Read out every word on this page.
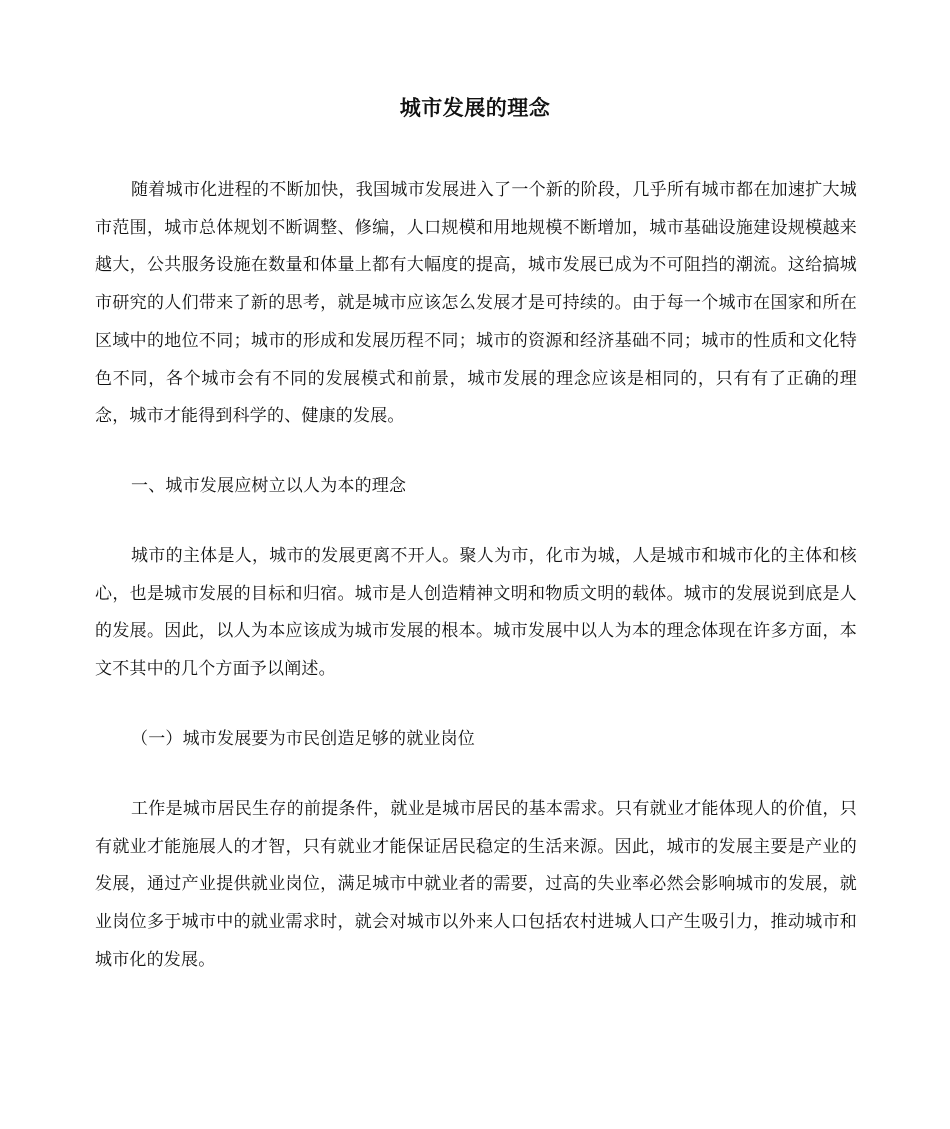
城市发展的理念

随着城市化进程的不断加快，我国城市发展进入了一个新的阶段，几乎所有城市都在加速扩大城市范围，城市总体规划不断调整、修编，人口规模和用地规模不断增加，城市基础设施建设规模越来越大，公共服务设施在数量和体量上都有大幅度的提高，城市发展已成为不可阻挡的潮流。这给搞城市研究的人们带来了新的思考，就是城市应该怎么发展才是可持续的。由于每一个城市在国家和所在区域中的地位不同；城市的形成和发展历程不同；城市的资源和经济基础不同；城市的性质和文化特色不同，各个城市会有不同的发展模式和前景，城市发展的理念应该是相同的，只有有了正确的理念，城市才能得到科学的、健康的发展。

一、城市发展应树立以人为本的理念

城市的主体是人，城市的发展更离不开人。聚人为市，化市为城，人是城市和城市化的主体和核心，也是城市发展的目标和归宿。城市是人创造精神文明和物质文明的载体。城市的发展说到底是人的发展。因此，以人为本应该成为城市发展的根本。城市发展中以人为本的理念体现在许多方面，本文不其中的几个方面予以阐述。

（一）城市发展要为市民创造足够的就业岗位

工作是城市居民生存的前提条件，就业是城市居民的基本需求。只有就业才能体现人的价值，只有就业才能施展人的才智，只有就业才能保证居民稳定的生活来源。因此，城市的发展主要是产业的发展，通过产业提供就业岗位，满足城市中就业者的需要，过高的失业率必然会影响城市的发展，就业岗位多于城市中的就业需求时，就会对城市以外来人口包括农村进城人口产生吸引力，推动城市和城市化的发展。
